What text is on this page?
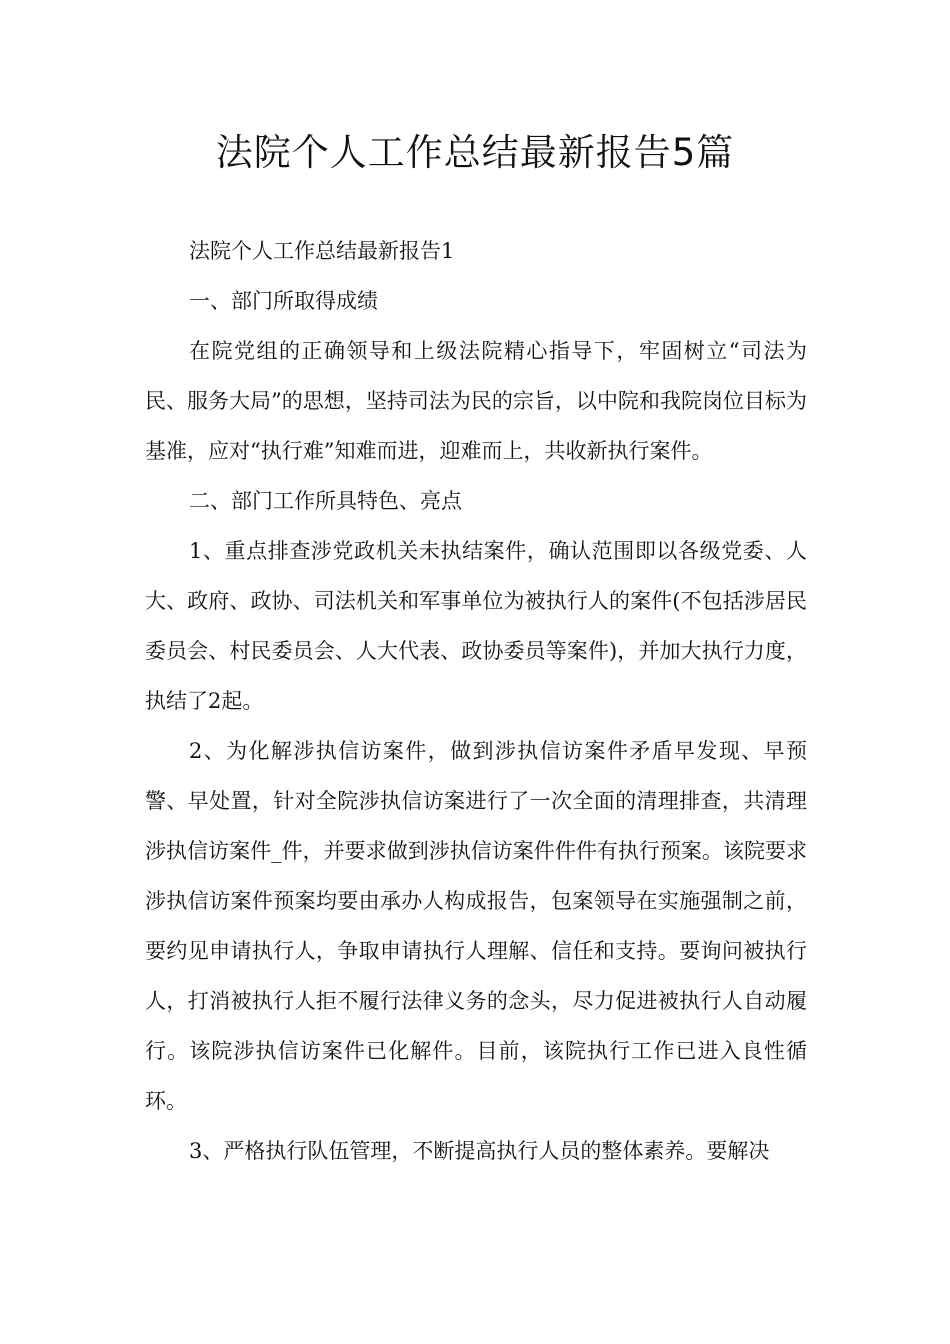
法院个人工作总结最新报告5篇

法院个人工作总结最新报告1

一、部门所取得成绩

在院党组的正确领导和上级法院精心指导下，牢固树立“司法为民、服务大局”的思想，坚持司法为民的宗旨，以中院和我院岗位目标为基准，应对“执行难”知难而进，迎难而上，共收新执行案件。

二、部门工作所具特色、亮点

1、重点排查涉党政机关未执结案件，确认范围即以各级党委、人大、政府、政协、司法机关和军事单位为被执行人的案件(不包括涉居民委员会、村民委员会、人大代表、政协委员等案件)，并加大执行力度，执结了2起。

2、为化解涉执信访案件，做到涉执信访案件矛盾早发现、早预警、早处置，针对全院涉执信访案进行了一次全面的清理排查，共清理涉执信访案件_件，并要求做到涉执信访案件件件有执行预案。该院要求涉执信访案件预案均要由承办人构成报告，包案领导在实施强制之前，要约见申请执行人，争取申请执行人理解、信任和支持。要询问被执行人，打消被执行人拒不履行法律义务的念头，尽力促进被执行人自动履行。该院涉执信访案件已化解件。目前，该院执行工作已进入良性循环。

3、严格执行队伍管理，不断提高执行人员的整体素养。要解决
